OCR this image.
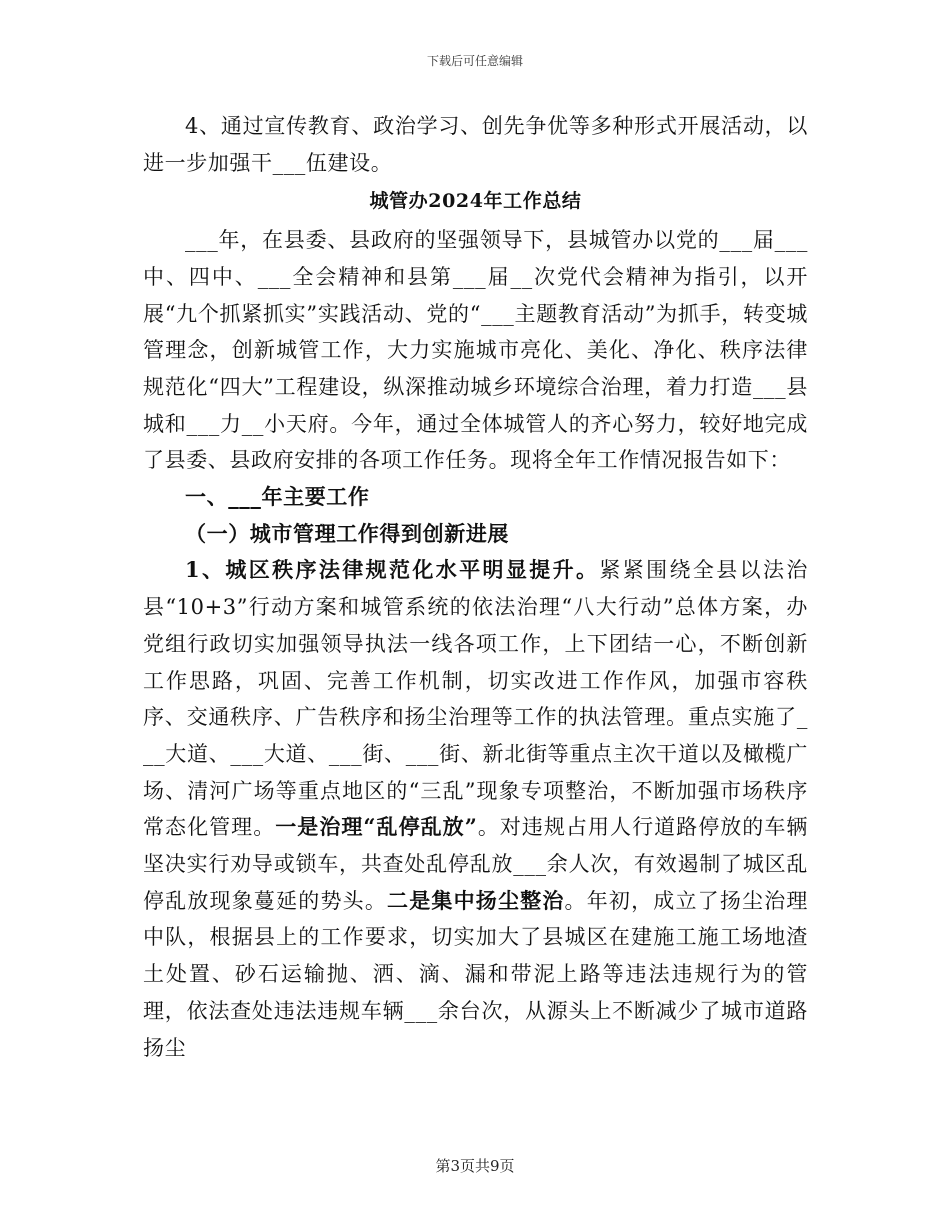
下载后可任意编辑

4、通过宣传教育、政治学习、创先争优等多种形式开展活动，以进一步加强干___伍建设。

城管办2024年工作总结

___年，在县委、县政府的坚强领导下，县城管办以党的___届___中、四中、___全会精神和县第___届__次党代会精神为指引，以开展“九个抓紧抓实”实践活动、党的“___主题教育活动”为抓手，转变城管理念，创新城管工作，大力实施城市亮化、美化、净化、秩序法律规范化“四大”工程建设，纵深推动城乡环境综合治理，着力打造___县城和___力__小天府。今年，通过全体城管人的齐心努力，较好地完成了县委、县政府安排的各项工作任务。现将全年工作情况报告如下：

一、___年主要工作

（一）城市管理工作得到创新进展

1、城区秩序法律规范化水平明显提升。紧紧围绕全县以法治县“10+3”行动方案和城管系统的依法治理“八大行动”总体方案，办党组行政切实加强领导执法一线各项工作，上下团结一心，不断创新工作思路，巩固、完善工作机制，切实改进工作作风，加强市容秩序、交通秩序、广告秩序和扬尘治理等工作的执法管理。重点实施了___大道、___大道、___街、___街、新北街等重点主次干道以及橄榄广场、清河广场等重点地区的“三乱”现象专项整治，不断加强市场秩序常态化管理。一是治理“乱停乱放”。对违规占用人行道路停放的车辆坚决实行劝导或锁车，共查处乱停乱放___余人次，有效遏制了城区乱停乱放现象蔓延的势头。二是集中扬尘整治。年初，成立了扬尘治理中队，根据县上的工作要求，切实加大了县城区在建施工施工场地渣土处置、砂石运输抛、洒、滴、漏和带泥上路等违法违规行为的管理，依法查处违法违规车辆___余台次，从源头上不断减少了城市道路扬尘

第3页共9页
